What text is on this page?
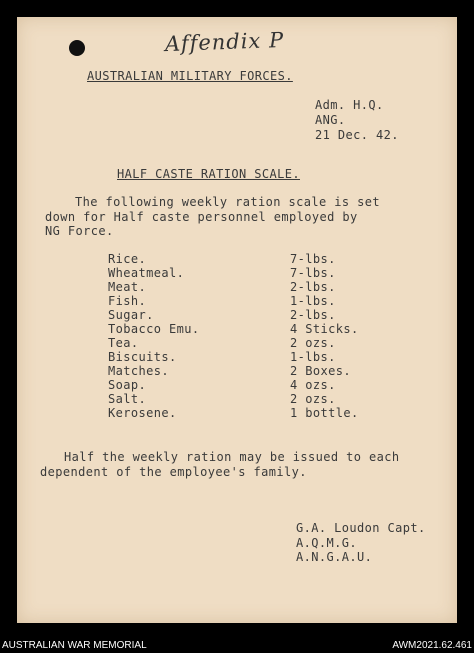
Affendix P
AUSTRALIAN MILITARY FORCES.
Adm. H.Q.
ANG.
21 Dec. 42.
HALF CASTE RATION SCALE.
The following weekly ration scale is set
down for Half caste personnel employed by
NG Force.
Rice.	7-lbs.
Wheatmeal.	7-lbs.
Meat.	2-lbs.
Fish.	1-lbs.
Sugar.	2-lbs.
Tobacco Emu.	4 Sticks.
Tea.	2 ozs.
Biscuits.	1-lbs.
Matches.	2 Boxes.
Soap.	4 ozs.
Salt.	2 ozs.
Kerosene.	1 bottle.
Half the weekly ration may be issued to each
dependent of the employee's family.
G.A. Loudon Capt.
A.Q.M.G.
A.N.G.A.U.
AUSTRALIAN WAR MEMORIAL	AWM2021.62.461
